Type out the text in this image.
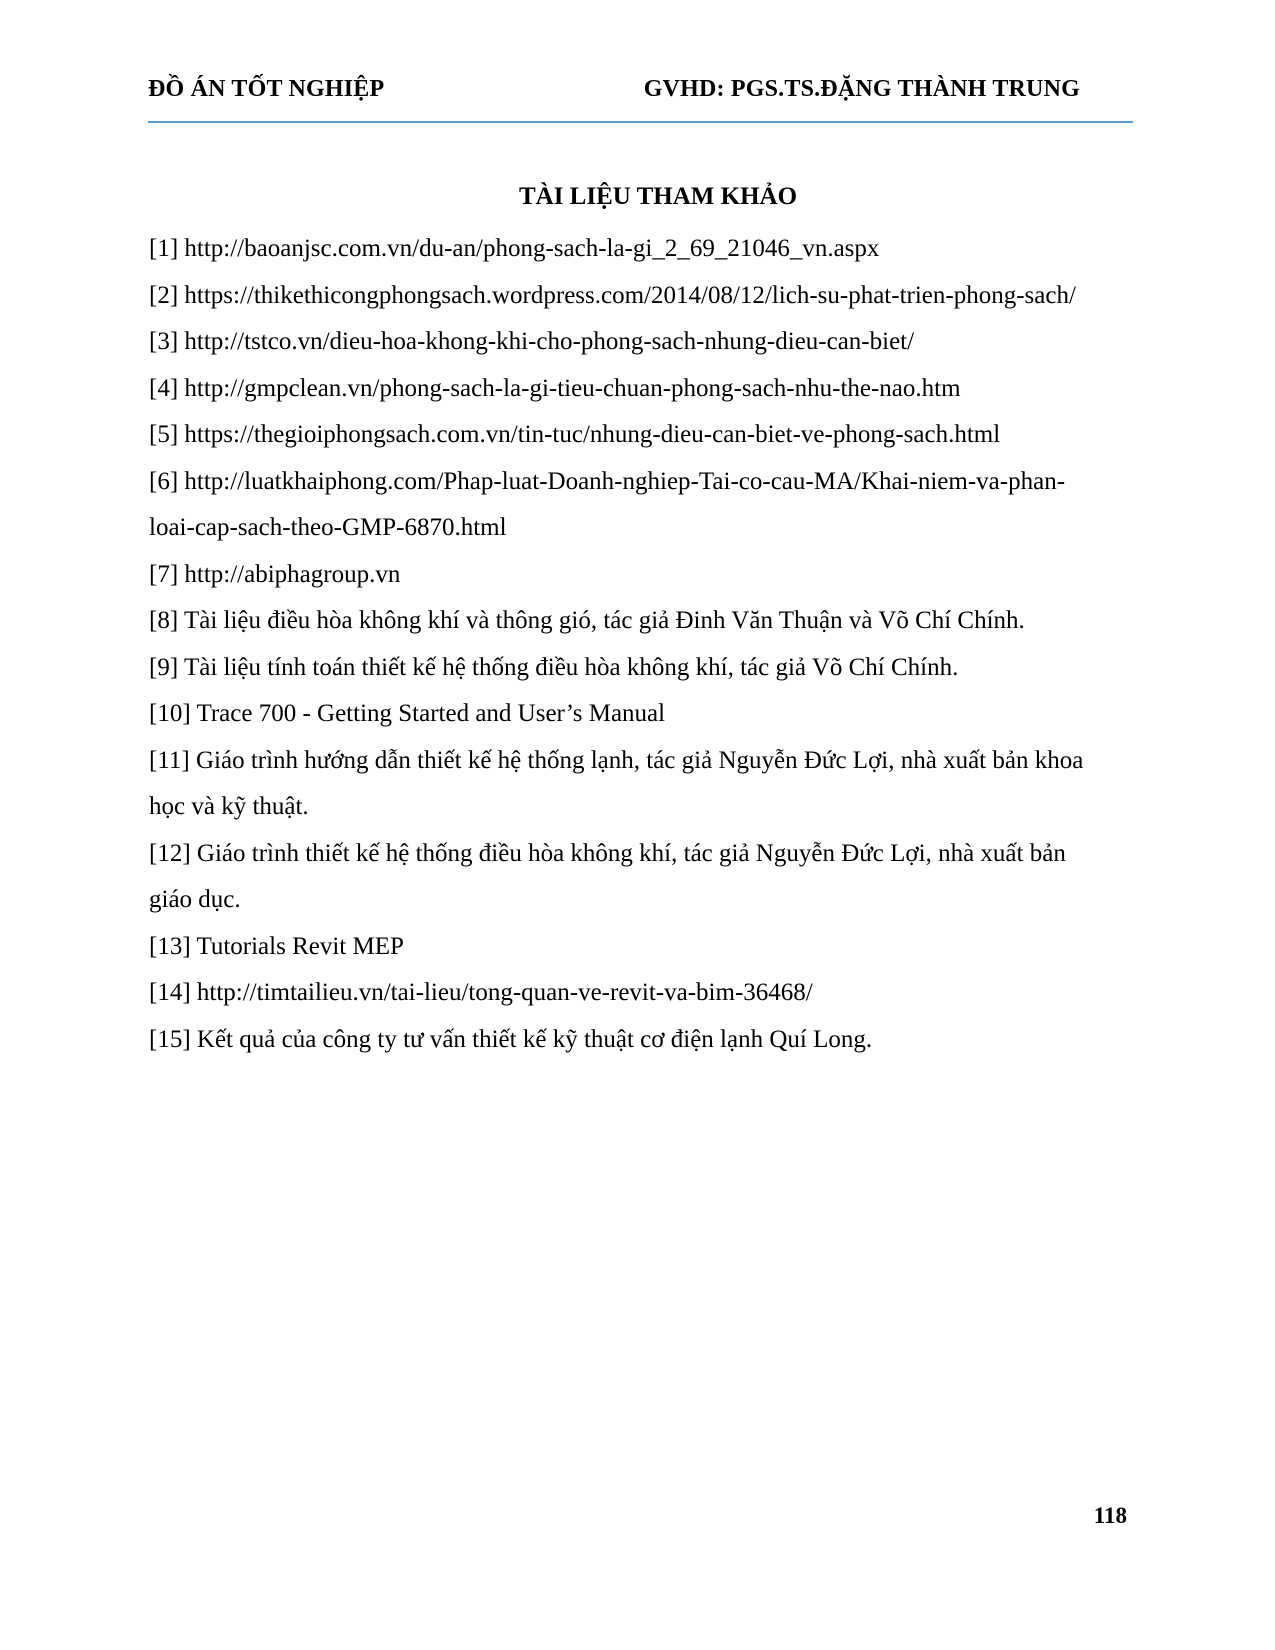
ĐỒ ÁN TỐT NGHIỆP	GVHD: PGS.TS.ĐẶNG THÀNH TRUNG
TÀI LIỆU THAM KHẢO
[1] http://baoanjsc.com.vn/du-an/phong-sach-la-gi_2_69_21046_vn.aspx
[2] https://thikethicongphongsach.wordpress.com/2014/08/12/lich-su-phat-trien-phong-sach/
[3] http://tstco.vn/dieu-hoa-khong-khi-cho-phong-sach-nhung-dieu-can-biet/
[4] http://gmpclean.vn/phong-sach-la-gi-tieu-chuan-phong-sach-nhu-the-nao.htm
[5] https://thegioiphongsach.com.vn/tin-tuc/nhung-dieu-can-biet-ve-phong-sach.html
[6] http://luatkhaiphong.com/Phap-luat-Doanh-nghiep-Tai-co-cau-MA/Khai-niem-va-phan-loai-cap-sach-theo-GMP-6870.html
[7] http://abiphagroup.vn
[8] Tài liệu điều hòa không khí và thông gió, tác giả Đinh Văn Thuận và Võ Chí Chính.
[9] Tài liệu tính toán thiết kế hệ thống điều hòa không khí, tác giả Võ Chí Chính.
[10] Trace 700 - Getting Started and User’s Manual
[11] Giáo trình hướng dẫn thiết kế hệ thống lạnh, tác giả Nguyễn Đức Lợi, nhà xuất bản khoa học và kỹ thuật.
[12] Giáo trình thiết kế hệ thống điều hòa không khí, tác giả Nguyễn Đức Lợi, nhà xuất bản giáo dục.
[13] Tutorials Revit MEP
[14] http://timtailieu.vn/tai-lieu/tong-quan-ve-revit-va-bim-36468/
[15] Kết quả của công ty tư vấn thiết kế kỹ thuật cơ điện lạnh Quí Long.
118
